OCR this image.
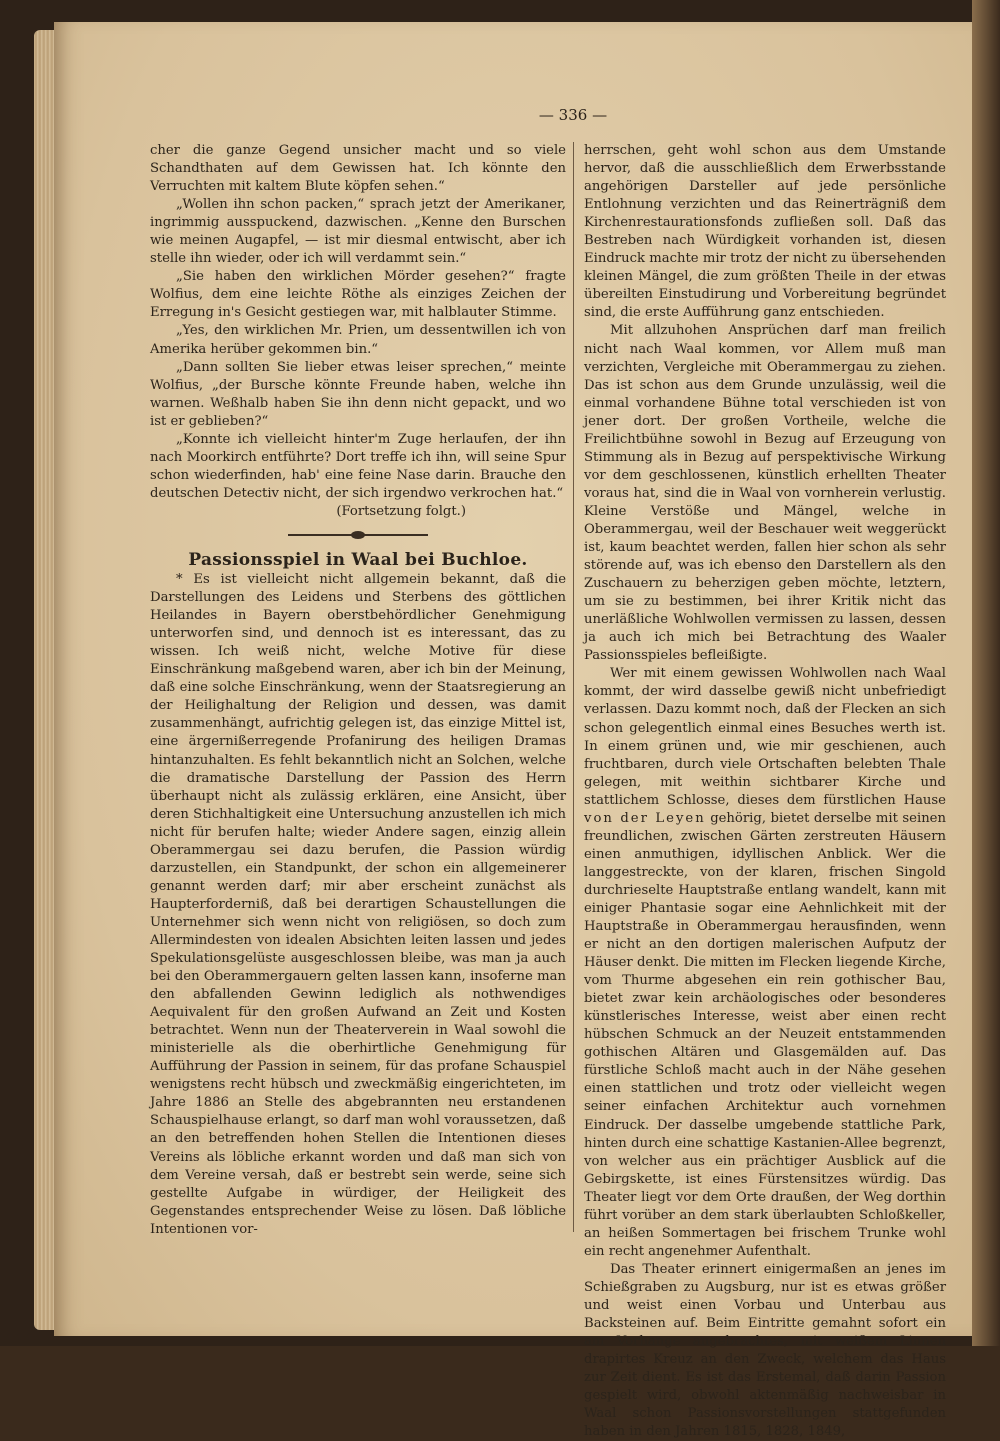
— 336 —

cher die ganze Gegend unsicher macht und so viele Schandthaten auf dem Gewissen hat. Ich könnte den Verruchten mit kaltem Blute köpfen sehen.“

„Wollen ihn schon packen,“ sprach jetzt der Amerikaner, ingrimmig ausspuckend, dazwischen. „Kenne den Burschen wie meinen Augapfel, — ist mir diesmal entwischt, aber ich stelle ihn wieder, oder ich will verdammt sein.“

„Sie haben den wirklichen Mörder gesehen?“ fragte Wolfius, dem eine leichte Röthe als einziges Zeichen der Erregung in's Gesicht gestiegen war, mit halblauter Stimme.

„Yes, den wirklichen Mr. Prien, um dessentwillen ich von Amerika herüber gekommen bin.“

„Dann sollten Sie lieber etwas leiser sprechen,“ meinte Wolfius, „der Bursche könnte Freunde haben, welche ihn warnen. Weßhalb haben Sie ihn denn nicht gepackt, und wo ist er geblieben?“

„Konnte ich vielleicht hinter'm Zuge herlaufen, der ihn nach Moorkirch entführte? Dort treffe ich ihn, will seine Spur schon wiederfinden, hab' eine feine Nase darin. Brauche den deutschen Detectiv nicht, der sich irgendwo verkrochen hat.“

(Fortsetzung folgt.)

Passionsspiel in Waal bei Buchloe.

* Es ist vielleicht nicht allgemein bekannt, daß die Darstellungen des Leidens und Sterbens des göttlichen Heilandes in Bayern oberstbehördlicher Genehmigung unterworfen sind, und dennoch ist es interessant, das zu wissen. Ich weiß nicht, welche Motive für diese Einschränkung maßgebend waren, aber ich bin der Meinung, daß eine solche Einschränkung, wenn der Staatsregierung an der Heilighaltung der Religion und dessen, was damit zusammenhängt, aufrichtig gelegen ist, das einzige Mittel ist, eine ärgernißerregende Profanirung des heiligen Dramas hintanzuhalten. Es fehlt bekanntlich nicht an Solchen, welche die dramatische Darstellung der Passion des Herrn überhaupt nicht als zulässig erklären, eine Ansicht, über deren Stichhaltigkeit eine Untersuchung anzustellen ich mich nicht für berufen halte; wieder Andere sagen, einzig allein Oberammergau sei dazu berufen, die Passion würdig darzustellen, ein Standpunkt, der schon ein allgemeinerer genannt werden darf; mir aber erscheint zunächst als Haupterforderniß, daß bei derartigen Schaustellungen die Unternehmer sich wenn nicht von religiösen, so doch zum Allermindesten von idealen Absichten leiten lassen und jedes Spekulationsgelüste ausgeschlossen bleibe, was man ja auch bei den Oberammergauern gelten lassen kann, insoferne man den abfallenden Gewinn lediglich als nothwendiges Aequivalent für den großen Aufwand an Zeit und Kosten betrachtet. Wenn nun der Theaterverein in Waal sowohl die ministerielle als die oberhirtliche Genehmigung für Aufführung der Passion in seinem, für das profane Schauspiel wenigstens recht hübsch und zweckmäßig eingerichteten, im Jahre 1886 an Stelle des abgebrannten neu erstandenen Schauspielhause erlangt, so darf man wohl voraussetzen, daß an den betreffenden hohen Stellen die Intentionen dieses Vereins als löbliche erkannt worden und daß man sich von dem Vereine versah, daß er bestrebt sein werde, seine sich gestellte Aufgabe in würdiger, der Heiligkeit des Gegenstandes entsprechender Weise zu lösen. Daß löbliche Intentionen vor-

herrschen, geht wohl schon aus dem Umstande hervor, daß die ausschließlich dem Erwerbsstande angehörigen Darsteller auf jede persönliche Entlohnung verzichten und das Reinerträgniß dem Kirchenrestaurationsfonds zufließen soll. Daß das Bestreben nach Würdigkeit vorhanden ist, diesen Eindruck machte mir trotz der nicht zu übersehenden kleinen Mängel, die zum größten Theile in der etwas übereilten Einstudirung und Vorbereitung begründet sind, die erste Aufführung ganz entschieden.

Mit allzuhohen Ansprüchen darf man freilich nicht nach Waal kommen, vor Allem muß man verzichten, Vergleiche mit Oberammergau zu ziehen. Das ist schon aus dem Grunde unzulässig, weil die einmal vorhandene Bühne total verschieden ist von jener dort. Der großen Vortheile, welche die Freilichtbühne sowohl in Bezug auf Erzeugung von Stimmung als in Bezug auf perspektivische Wirkung vor dem geschlossenen, künstlich erhellten Theater voraus hat, sind die in Waal von vornherein verlustig. Kleine Verstöße und Mängel, welche in Oberammergau, weil der Beschauer weit weggerückt ist, kaum beachtet werden, fallen hier schon als sehr störende auf, was ich ebenso den Darstellern als den Zuschauern zu beherzigen geben möchte, letztern, um sie zu bestimmen, bei ihrer Kritik nicht das unerläßliche Wohlwollen vermissen zu lassen, dessen ja auch ich mich bei Betrachtung des Waaler Passionsspieles befleißigte.

Wer mit einem gewissen Wohlwollen nach Waal kommt, der wird dasselbe gewiß nicht unbefriedigt verlassen. Dazu kommt noch, daß der Flecken an sich schon gelegentlich einmal eines Besuches werth ist. In einem grünen und, wie mir geschienen, auch fruchtbaren, durch viele Ortschaften belebten Thale gelegen, mit weithin sichtbarer Kirche und stattlichem Schlosse, dieses dem fürstlichen Hause von der Leyen gehörig, bietet derselbe mit seinen freundlichen, zwischen Gärten zerstreuten Häusern einen anmuthigen, idyllischen Anblick. Wer die langgestreckte, von der klaren, frischen Singold durchrieselte Hauptstraße entlang wandelt, kann mit einiger Phantasie sogar eine Aehnlichkeit mit der Hauptstraße in Oberammergau herausfinden, wenn er nicht an den dortigen malerischen Aufputz der Häuser denkt. Die mitten im Flecken liegende Kirche, vom Thurme abgesehen ein rein gothischer Bau, bietet zwar kein archäologisches oder besonderes künstlerisches Interesse, weist aber einen recht hübschen Schmuck an der Neuzeit entstammenden gothischen Altären und Glasgemälden auf. Das fürstliche Schloß macht auch in der Nähe gesehen einen stattlichen und trotz oder vielleicht wegen seiner einfachen Architektur auch vornehmen Eindruck. Der dasselbe umgebende stattliche Park, hinten durch eine schattige Kastanien-Allee begrenzt, von welcher aus ein prächtiger Ausblick auf die Gebirgskette, ist eines Fürstensitzes würdig. Das Theater liegt vor dem Orte draußen, der Weg dorthin führt vorüber an dem stark überlaubten Schloßkeller, an heißen Sommertagen bei frischem Trunke wohl ein recht angenehmer Aufenthalt.

Das Theater erinnert einigermaßen an jenes im Schießgraben zu Augsburg, nur ist es etwas größer und weist einen Vorbau und Unterbau aus Backsteinen auf. Beim Eintritte gemahnt sofort ein am Vorhange angebrachtes, mit weißem Linnen drapirtes Kreuz an den Zweck, welchem das Haus zur Zeit dient. Es ist das Erstemal, daß darin Passion gespielt wird, obwohl aktenmäßig nachweisbar in Waal schon Passionsvorstellungen stattgefunden haben in den Jahren 1815, 1828, 1849,
